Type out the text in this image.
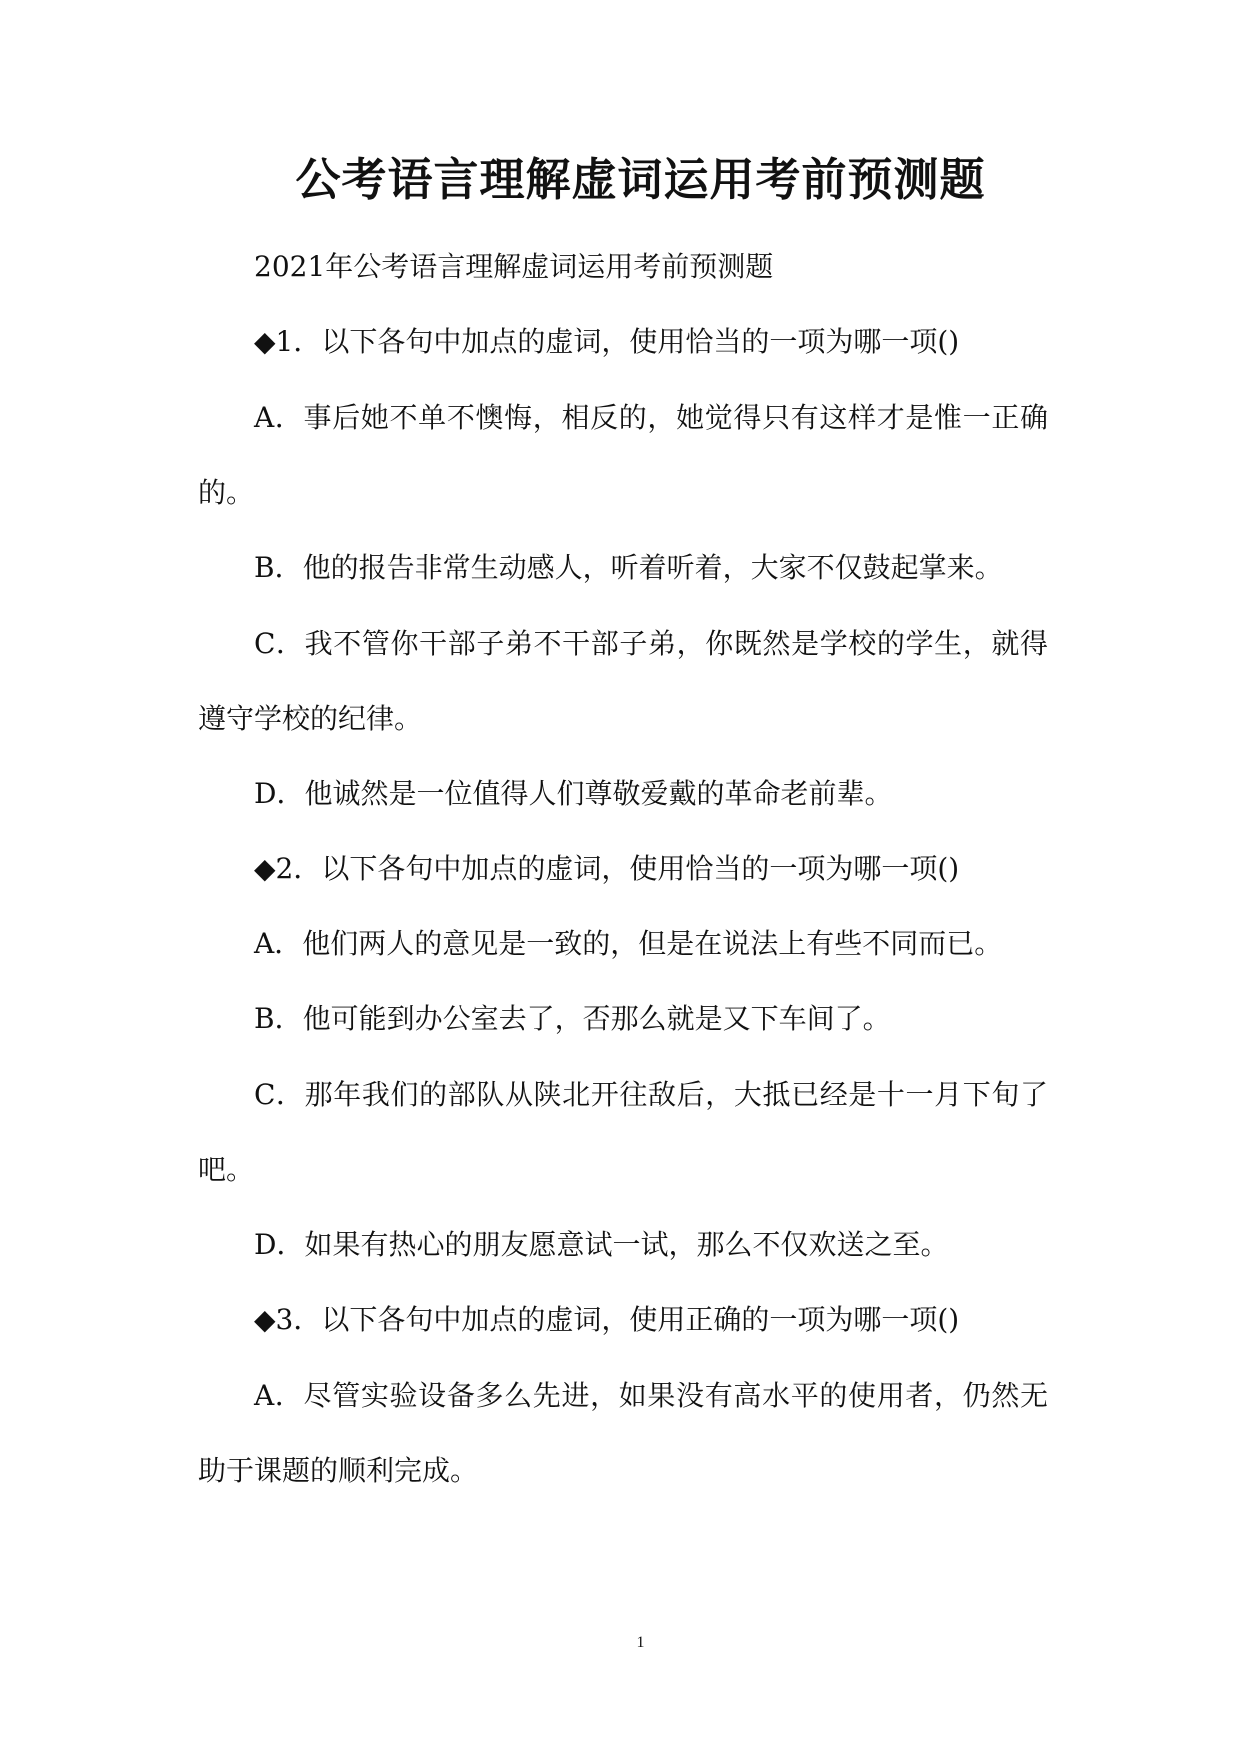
公考语言理解虚词运用考前预测题

2021年公考语言理解虚词运用考前预测题

◆1．以下各句中加点的虚词，使用恰当的一项为哪一项()

A．事后她不单不懊悔，相反的，她觉得只有这样才是惟一正确的。

B．他的报告非常生动感人，听着听着，大家不仅鼓起掌来。

C．我不管你干部子弟不干部子弟，你既然是学校的学生，就得遵守学校的纪律。

D．他诚然是一位值得人们尊敬爱戴的革命老前辈。

◆2．以下各句中加点的虚词，使用恰当的一项为哪一项()

A．他们两人的意见是一致的，但是在说法上有些不同而已。

B．他可能到办公室去了，否那么就是又下车间了。

C．那年我们的部队从陕北开往敌后，大抵已经是十一月下旬了吧。

D．如果有热心的朋友愿意试一试，那么不仅欢送之至。

◆3．以下各句中加点的虚词，使用正确的一项为哪一项()

A．尽管实验设备多么先进，如果没有高水平的使用者，仍然无助于课题的顺利完成。

1
